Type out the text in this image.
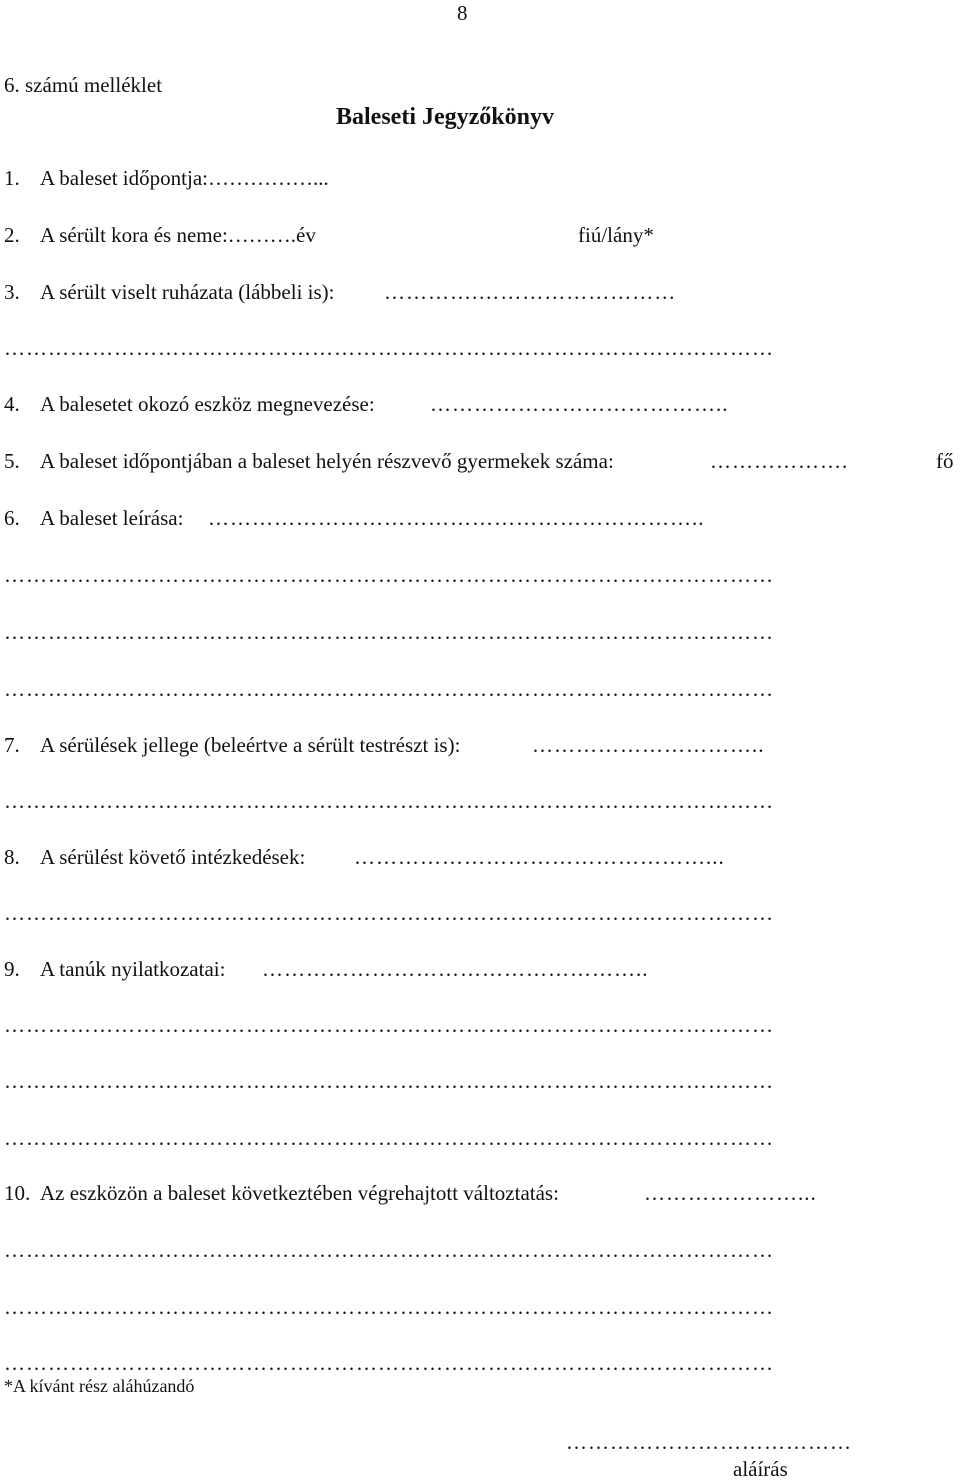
8
6. számú melléklet
Baleseti Jegyzőkönyv
1. A baleset időpontja:……………...
2. A sérült kora és neme:……….év	fiú/lány*
3. A sérült viselt ruházata (lábbeli is): ………….………………………
……………………………………………………………………………………………
4. A balesetet okozó eszköz megnevezése:	…………………………………..
5. A baleset időpontjában a baleset helyén részvevő gyermekek száma:	……………….	fő
6. A baleset leírása: …………………………………………………………..
……………………………………………………………………………………………
……………………………………………………………………………………………
……………………………………………………………………………………………
7. A sérülések jellege (beleértve a sérült testrészt is):	…………………………..
……………………………………………………………………………………………
8. A sérülést követő intézkedések: …………………………………………...
……………………………………………………………………………………………
9. A tanúk nyilatkozatai: ……………………………………………..
……………………………………………………………………………………………
……………………………………………………………………………………………
……………………………………………………………………………………………
10. Az eszközön a baleset következtében végrehajtott változtatás:	…………………...
……………………………………………………………………………………………
……………………………………………………………………………………………
……………………………………………………………………………………………
*A kívánt rész aláhúzandó
…………………………………
aláírás
